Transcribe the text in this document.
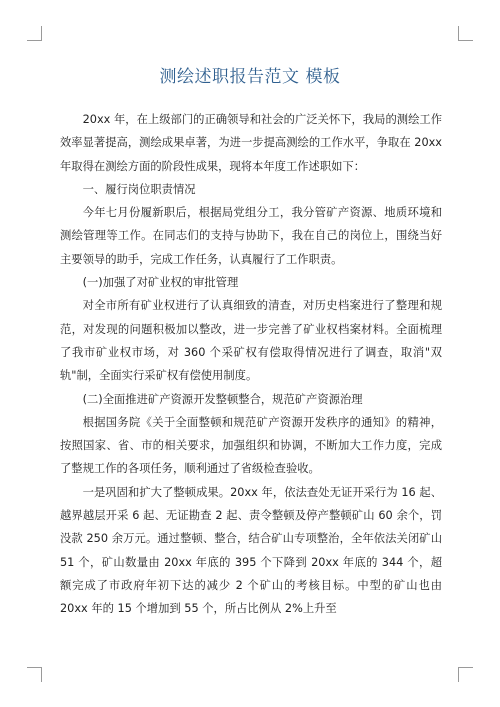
测绘述职报告范文 模板

20xx 年，在上级部门的正确领导和社会的广泛关怀下，我局的测绘工作效率显著提高，测绘成果卓著，为进一步提高测绘的工作水平，争取在 20xx 年取得在测绘方面的阶段性成果，现将本年度工作述职如下：

一、履行岗位职责情况

今年七月份履新职后，根据局党组分工，我分管矿产资源、地质环境和测绘管理等工作。在同志们的支持与协助下，我在自己的岗位上，围绕当好主要领导的助手，完成工作任务，认真履行了工作职责。

(一)加强了对矿业权的审批管理

对全市所有矿业权进行了认真细致的清查，对历史档案进行了整理和规范，对发现的问题积极加以整改，进一步完善了矿业权档案材料。全面梳理了我市矿业权市场，对 360 个采矿权有偿取得情况进行了调查，取消"双轨"制，全面实行采矿权有偿使用制度。

(二)全面推进矿产资源开发整顿整合，规范矿产资源治理

根据国务院《关于全面整顿和规范矿产资源开发秩序的通知》的精神，按照国家、省、市的相关要求，加强组织和协调，不断加大工作力度，完成了整规工作的各项任务，顺利通过了省级检查验收。

一是巩固和扩大了整顿成果。20xx 年，依法查处无证开采行为 16 起、越界越层开采 6 起、无证勘查 2 起、责令整顿及停产整顿矿山 60 余个，罚没款 250 余万元。通过整顿、整合，结合矿山专项整治，全年依法关闭矿山 51 个，矿山数量由 20xx 年底的 395 个下降到 20xx 年底的 344 个，超额完成了市政府年初下达的减少 2 个矿山的考核目标。中型的矿山也由 20xx 年的 15 个增加到 55 个，所占比例从 2%上升至
